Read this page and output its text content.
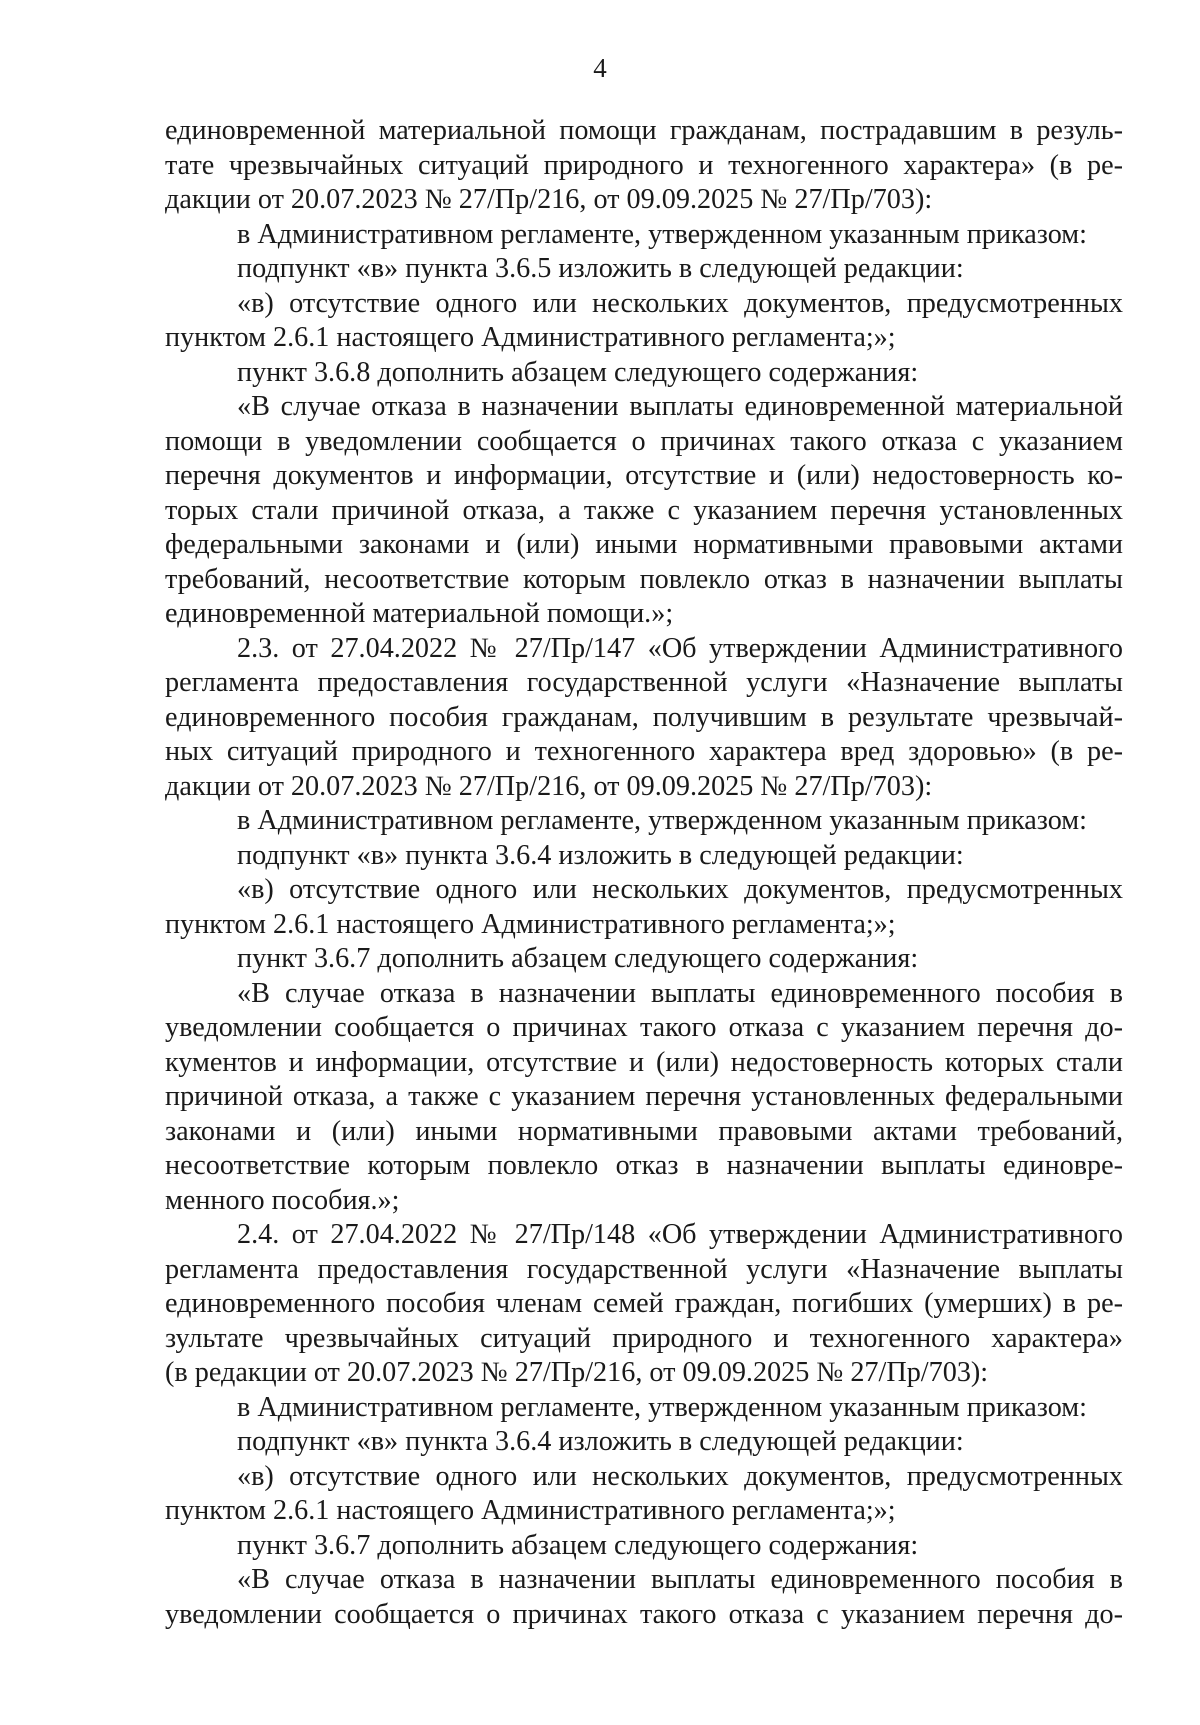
4
единовременной материальной помощи гражданам, пострадавшим в резуль-
тате чрезвычайных ситуаций природного и техногенного характера» (в ре-
дакции от 20.07.2023 № 27/Пр/216, от 09.09.2025 № 27/Пр/703):
в Административном регламенте, утвержденном указанным приказом:
подпункт «в» пункта 3.6.5 изложить в следующей редакции:
«в) отсутствие одного или нескольких документов, предусмотренных
пунктом 2.6.1 настоящего Административного регламента;»;
пункт 3.6.8 дополнить абзацем следующего содержания:
«В случае отказа в назначении выплаты единовременной материальной
помощи в уведомлении сообщается о причинах такого отказа с указанием
перечня документов и информации, отсутствие и (или) недостоверность ко-
торых стали причиной отказа, а также с указанием перечня установленных
федеральными законами и (или) иными нормативными правовыми актами
требований, несоответствие которым повлекло отказ в назначении выплаты
единовременной материальной помощи.»;
2.3. от 27.04.2022 № 27/Пр/147 «Об утверждении Административного
регламента предоставления государственной услуги «Назначение выплаты
единовременного пособия гражданам, получившим в результате чрезвычай-
ных ситуаций природного и техногенного характера вред здоровью» (в ре-
дакции от 20.07.2023 № 27/Пр/216, от 09.09.2025 № 27/Пр/703):
в Административном регламенте, утвержденном указанным приказом:
подпункт «в» пункта 3.6.4 изложить в следующей редакции:
«в) отсутствие одного или нескольких документов, предусмотренных
пунктом 2.6.1 настоящего Административного регламента;»;
пункт 3.6.7 дополнить абзацем следующего содержания:
«В случае отказа в назначении выплаты единовременного пособия в
уведомлении сообщается о причинах такого отказа с указанием перечня до-
кументов и информации, отсутствие и (или) недостоверность которых стали
причиной отказа, а также с указанием перечня установленных федеральными
законами и (или) иными нормативными правовыми актами требований,
несоответствие которым повлекло отказ в назначении выплаты единовре-
менного пособия.»;
2.4. от 27.04.2022 № 27/Пр/148 «Об утверждении Административного
регламента предоставления государственной услуги «Назначение выплаты
единовременного пособия членам семей граждан, погибших (умерших) в ре-
зультате чрезвычайных ситуаций природного и техногенного характера»
(в редакции от 20.07.2023 № 27/Пр/216, от 09.09.2025 № 27/Пр/703):
в Административном регламенте, утвержденном указанным приказом:
подпункт «в» пункта 3.6.4 изложить в следующей редакции:
«в) отсутствие одного или нескольких документов, предусмотренных
пунктом 2.6.1 настоящего Административного регламента;»;
пункт 3.6.7 дополнить абзацем следующего содержания:
«В случае отказа в назначении выплаты единовременного пособия в
уведомлении сообщается о причинах такого отказа с указанием перечня до-
